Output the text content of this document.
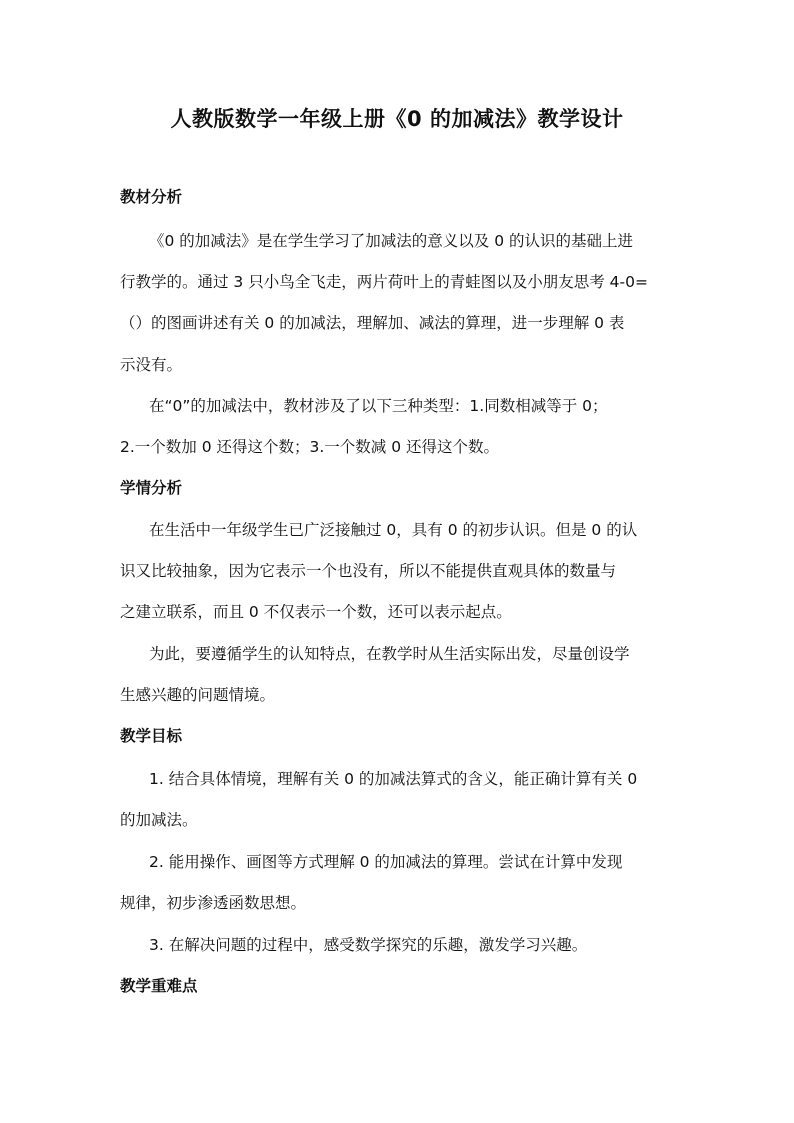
人教版数学一年级上册《0 的加减法》教学设计
教材分析
《0 的加减法》是在学生学习了加减法的意义以及 0 的认识的基础上进
行教学的。通过 3 只小鸟全飞走，两片荷叶上的青蛙图以及小朋友思考 4-0=
（）的图画讲述有关 0 的加减法，理解加、减法的算理，进一步理解 0 表
示没有。
在“0”的加减法中，教材涉及了以下三种类型：1.同数相减等于 0；
2.一个数加 0 还得这个数；3.一个数减 0 还得这个数。
学情分析
在生活中一年级学生已广泛接触过 0，具有 0 的初步认识。但是 0 的认
识又比较抽象，因为它表示一个也没有，所以不能提供直观具体的数量与
之建立联系，而且 0 不仅表示一个数，还可以表示起点。
为此，要遵循学生的认知特点，在教学时从生活实际出发，尽量创设学
生感兴趣的问题情境。
教学目标
1. 结合具体情境，理解有关 0 的加减法算式的含义，能正确计算有关 0
的加减法。
2. 能用操作、画图等方式理解 0 的加减法的算理。尝试在计算中发现
规律，初步渗透函数思想。
3. 在解决问题的过程中，感受数学探究的乐趣，激发学习兴趣。
教学重难点
